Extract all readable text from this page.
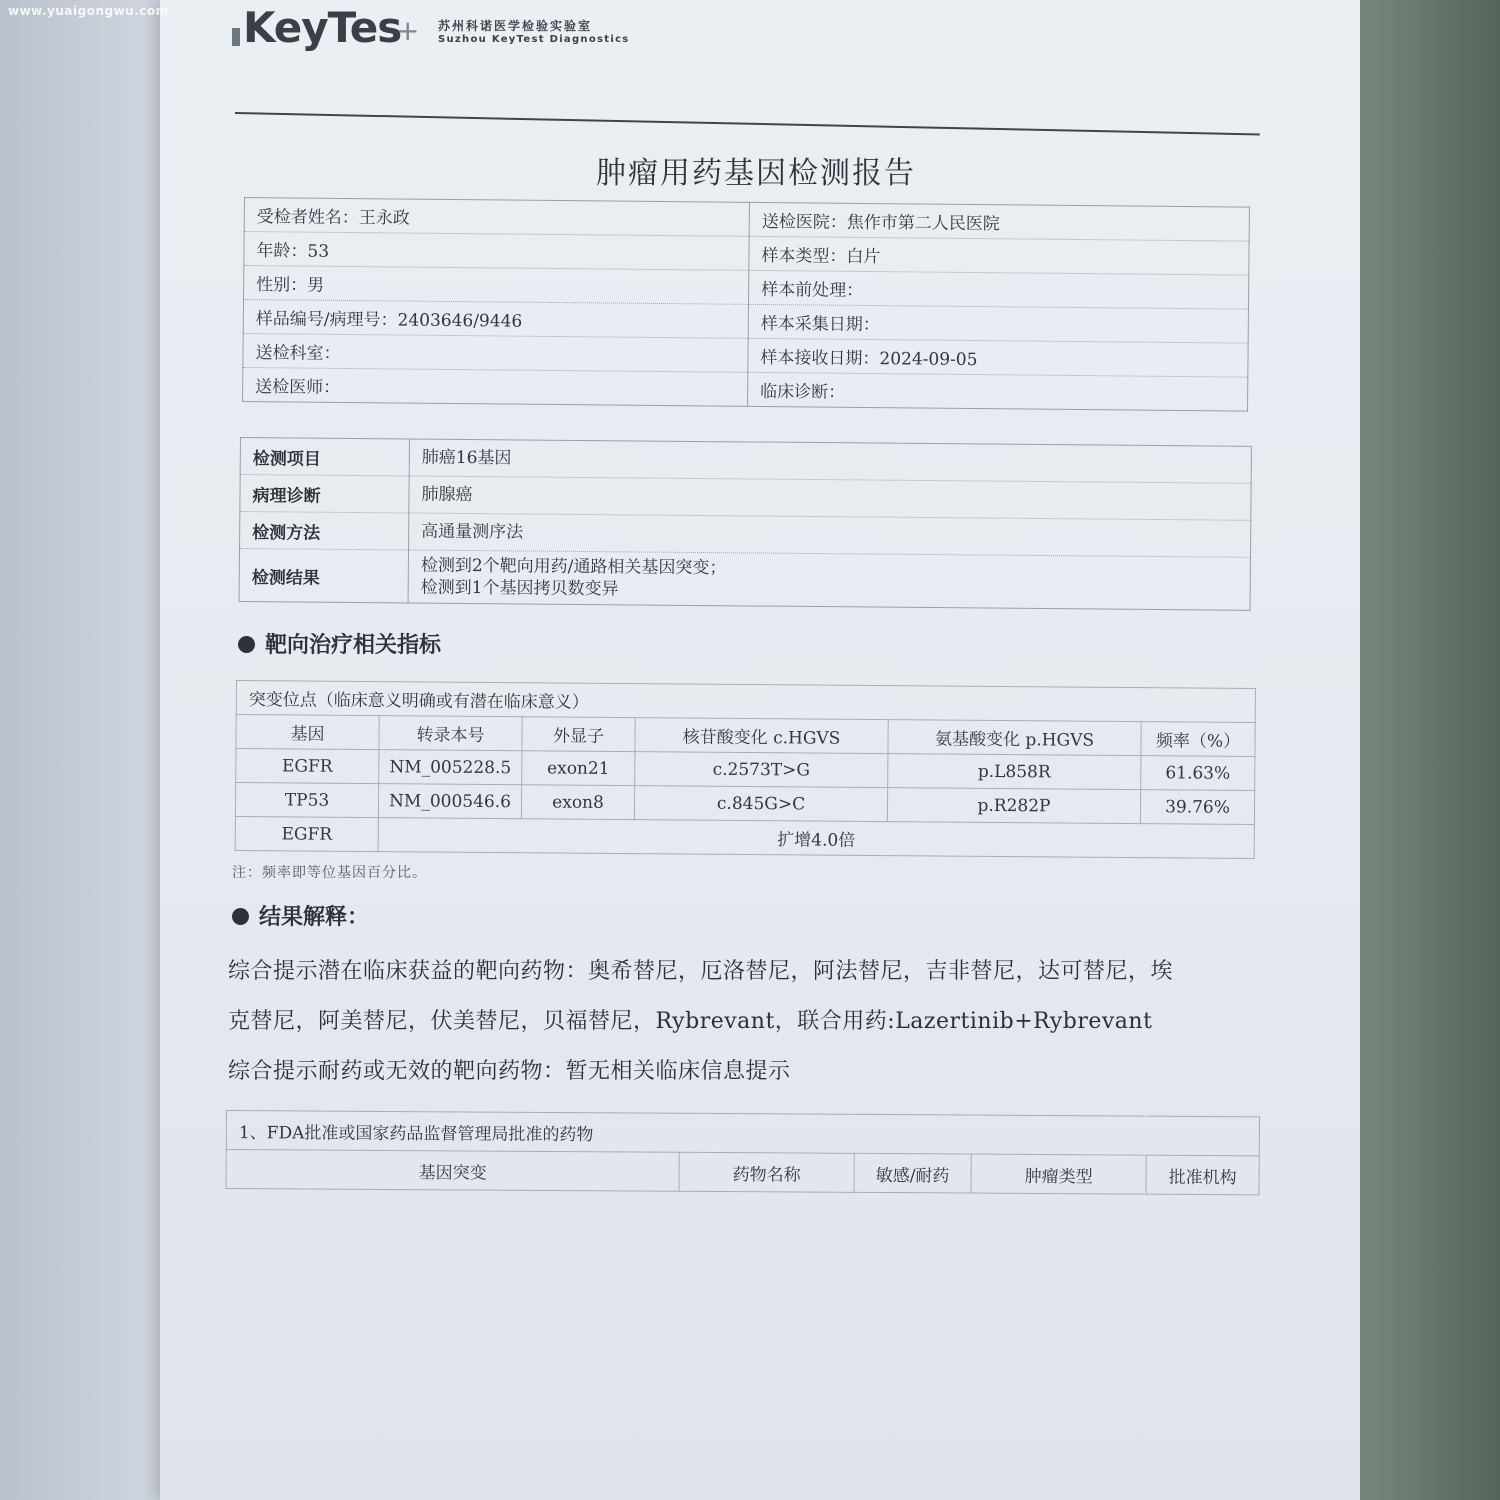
www.yuaigongwu.com KeyTes
+ 苏州科诺医学检验实验室
Suzhou KeyTest Diagnostics
肿瘤用药基因检测报告
受检者姓名：王永政	送检医院：焦作市第二人民医院
年龄：53	样本类型：白片
性别：男	样本前处理：
样品编号/病理号：2403646/9446	样本采集日期：
送检科室：	样本接收日期：2024-09-05
送检医师：	临床诊断：
检测项目	肺癌16基因

病理诊断	肺腺癌

检测方法	高通量测序法

检测结果	检测到2个靶向用药/通路相关基因突变；
检测到1个基因拷贝数变异
靶向治疗相关指标
突变位点（临床意义明确或有潜在临床意义）					
基因	转录本号	外显子	核苷酸变化 c.HGVS	氨基酸变化 p.HGVS	频率（%）
EGFR	NM_005228.5	exon21	c.2573T>G	p.L858R	61.63%
TP53	NM_000546.6	exon8	c.845G>C	p.R282P	39.76%
EGFR	扩增4.0倍				
注：频率即等位基因百分比。
结果解释：
综合提示潜在临床获益的靶向药物：奥希替尼，厄洛替尼，阿法替尼，吉非替尼，达可替尼，埃
克替尼，阿美替尼，伏美替尼，贝福替尼，Rybrevant，联合用药:Lazertinib+Rybrevant
综合提示耐药或无效的靶向药物：暂无相关临床信息提示
1、FDA批准或国家药品监督管理局批准的药物
基因突变	药物名称	敏感/耐药	肿瘤类型	批准机构
